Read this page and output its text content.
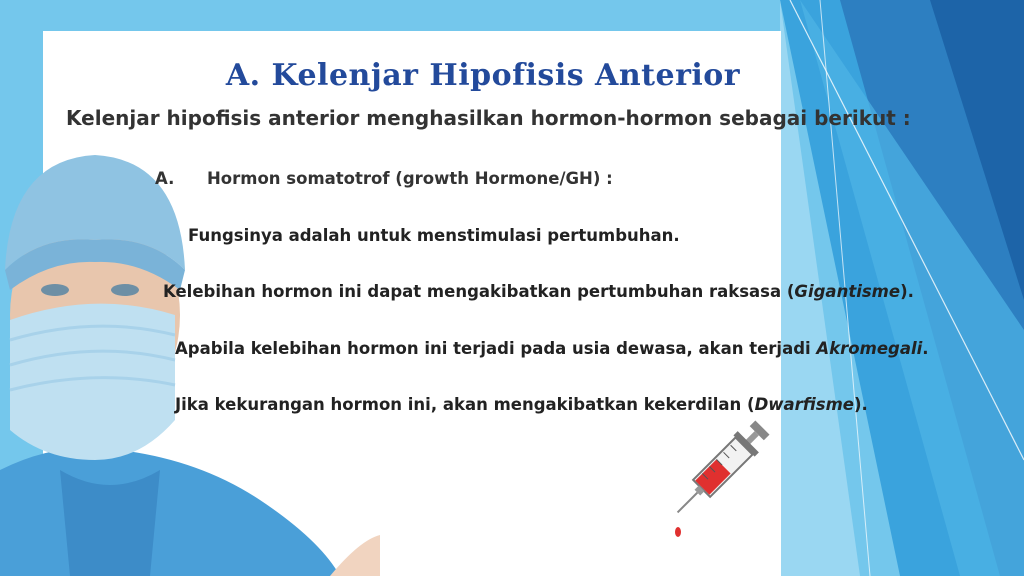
A. Kelenjar Hipofisis Anterior
Kelenjar hipofisis anterior menghasilkan hormon-hormon sebagai berikut :
A. Hormon somatotrof (growth Hormone/GH) :
Fungsinya adalah untuk menstimulasi pertumbuhan.
Kelebihan hormon ini dapat mengakibatkan pertumbuhan raksasa (Gigantisme).
Apabila kelebihan hormon ini terjadi pada usia dewasa, akan terjadi Akromegali.
Jika kekurangan hormon ini, akan mengakibatkan kekerdilan (Dwarfisme).
